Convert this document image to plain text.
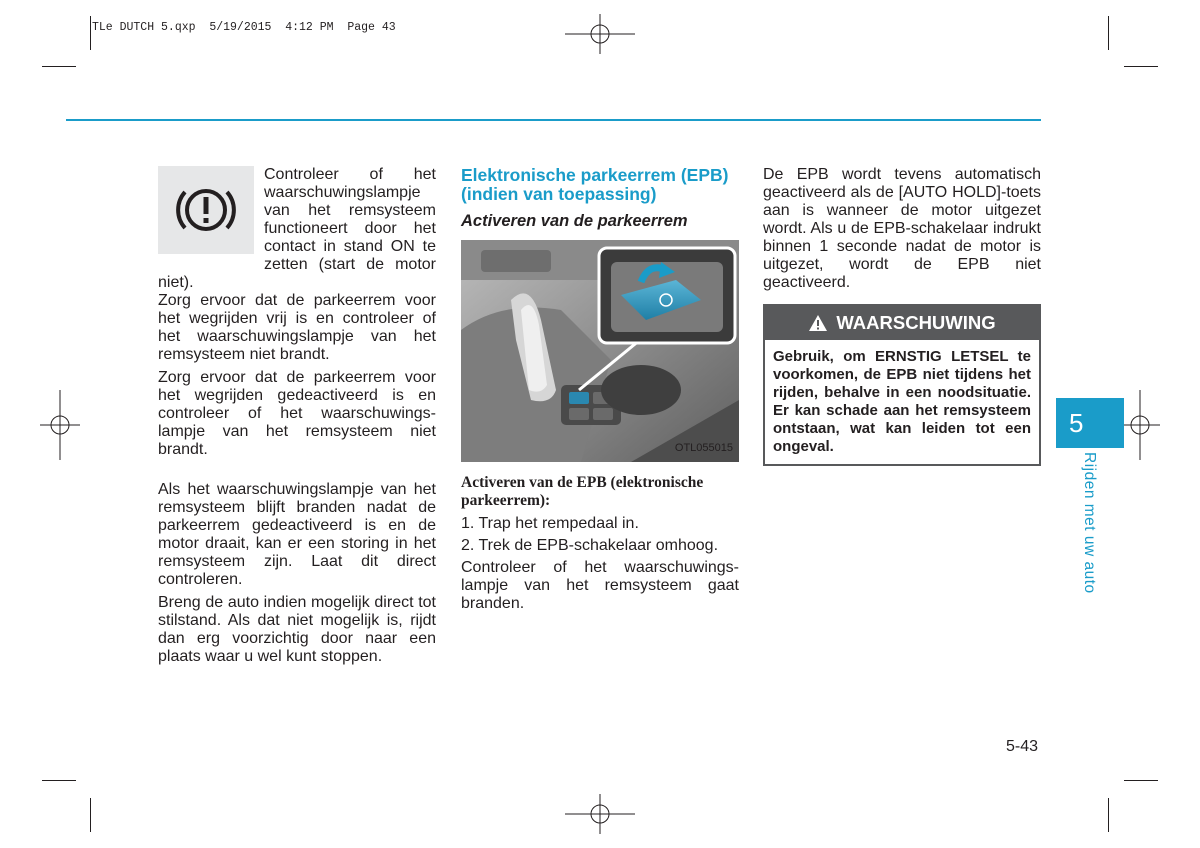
TLe DUTCH 5.qxp  5/19/2015  4:12 PM  Page 43
Controleer of het waarschuwingslampje van het remsysteem functioneert door het contact in stand ON te zetten (start de motor niet).

Zorg ervoor dat de parkeerrem voor het wegrijden vrij is en controleer of het waarschuwingslampje van het remsysteem niet brandt.

Zorg ervoor dat de parkeerrem voor het wegrijden gedeactiveerd is en controleer of het waarschuwings-lampje van het remsysteem niet brandt.

Als het waarschuwingslampje van het remsysteem blijft branden nadat de parkeerrem gedeactiveerd is en de motor draait, kan er een storing in het remsysteem zijn. Laat dit direct controleren.

Breng de auto indien mogelijk direct tot stilstand. Als dat niet mogelijk is, rijdt dan erg voorzichtig door naar een plaats waar u wel kunt stoppen.

Elektronische parkeerrem (EPB) (indien van toepassing)
Activeren van de parkeerrem
OTL055015
Activeren van de EPB (elektronische parkeerrem):
1. Trap het rempedaal in.
2. Trek de EPB-schakelaar omhoog.

Controleer of het waarschuwings-lampje van het remsysteem gaat branden.

De EPB wordt tevens automatisch geactiveerd als de [AUTO HOLD]-toets aan is wanneer de motor uitgezet wordt. Als u de EPB-schakelaar indrukt binnen 1 seconde nadat de motor is uitgezet, wordt de EPB niet geactiveerd.

WAARSCHUWING
Gebruik, om ERNSTIG LETSEL te voorkomen, de EPB niet tijdens het rijden, behalve in een noodsituatie. Er kan schade aan het remsysteem ontstaan, wat kan leiden tot een ongeval.
5
Rijden met uw auto
5-43
